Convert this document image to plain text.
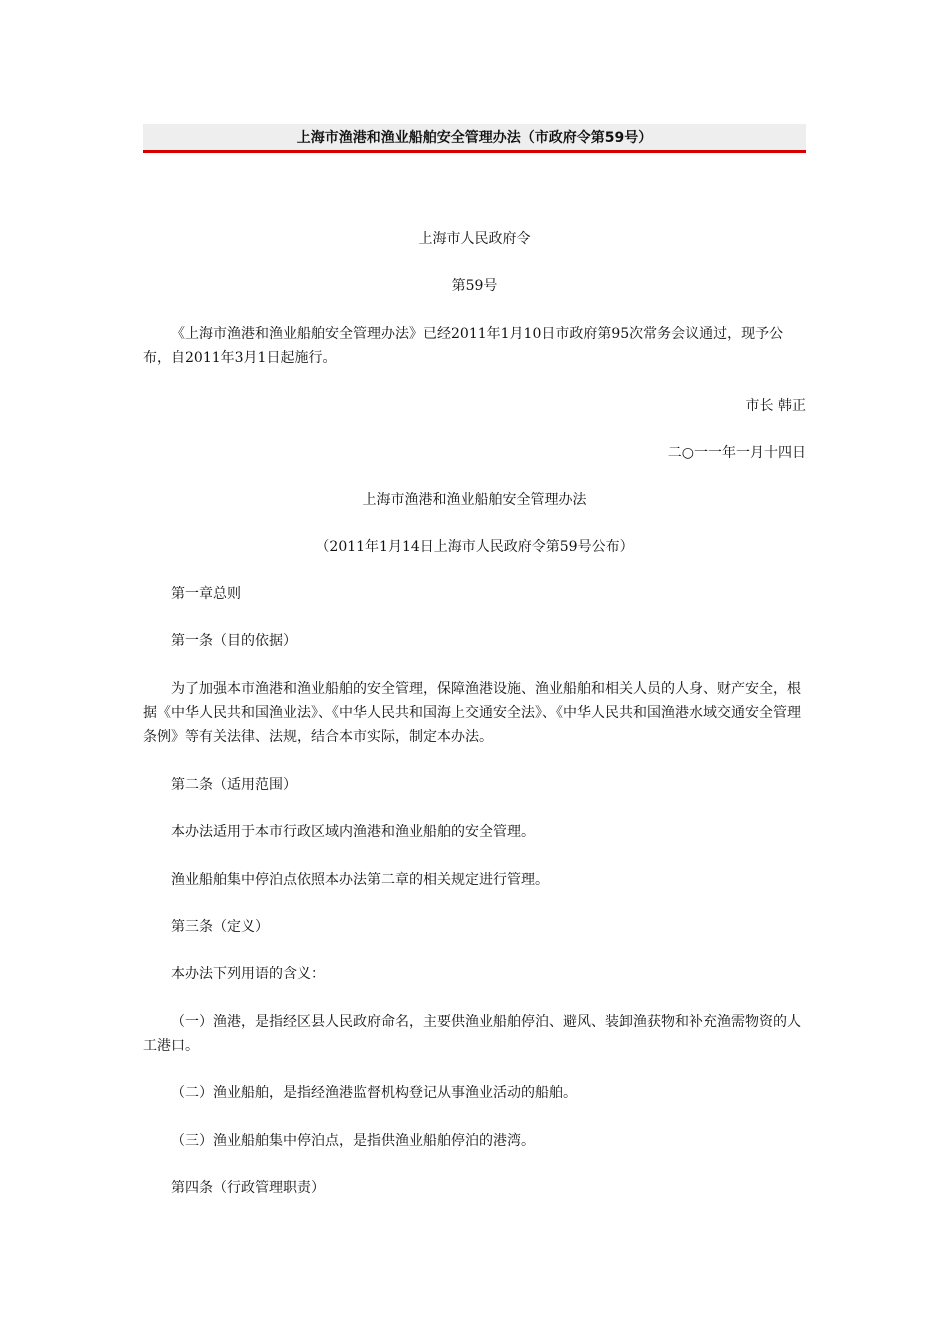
上海市渔港和渔业船舶安全管理办法（市政府令第59号）

上海市人民政府令

第59号

《上海市渔港和渔业船舶安全管理办法》已经2011年1月10日市政府第95次常务会议通过，现予公布，自2011年3月1日起施行。

市长 韩正

二○一一年一月十四日

上海市渔港和渔业船舶安全管理办法

（2011年1月14日上海市人民政府令第59号公布）

第一章总则

第一条（目的依据）

为了加强本市渔港和渔业船舶的安全管理，保障渔港设施、渔业船舶和相关人员的人身、财产安全，根据《中华人民共和国渔业法》、《中华人民共和国海上交通安全法》、《中华人民共和国渔港水域交通安全管理条例》等有关法律、法规，结合本市实际，制定本办法。

第二条（适用范围）

本办法适用于本市行政区域内渔港和渔业船舶的安全管理。

渔业船舶集中停泊点依照本办法第二章的相关规定进行管理。

第三条（定义）

本办法下列用语的含义：

（一）渔港，是指经区县人民政府命名，主要供渔业船舶停泊、避风、装卸渔获物和补充渔需物资的人工港口。

（二）渔业船舶，是指经渔港监督机构登记从事渔业活动的船舶。

（三）渔业船舶集中停泊点，是指供渔业船舶停泊的港湾。

第四条（行政管理职责）
